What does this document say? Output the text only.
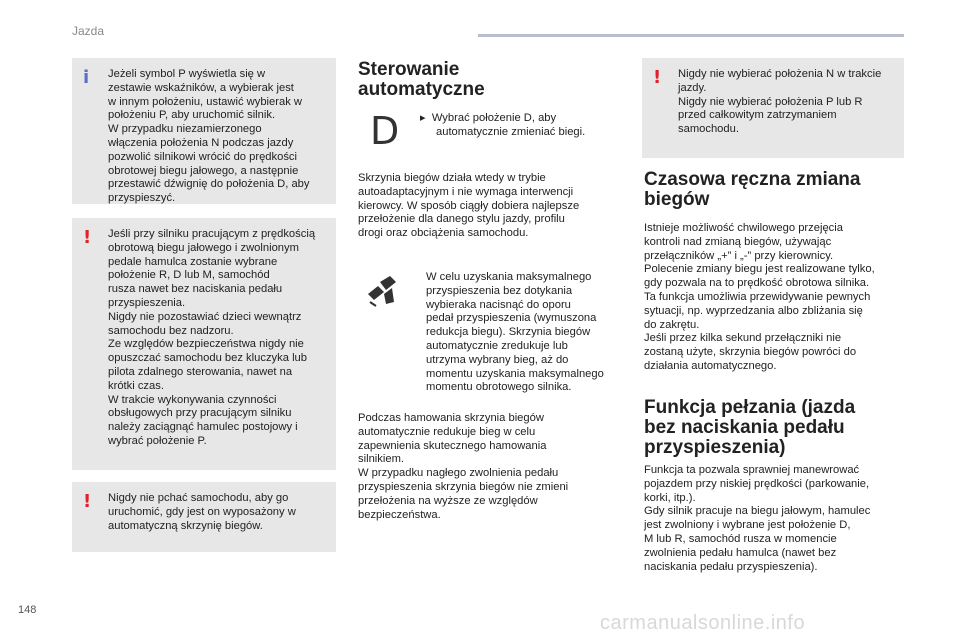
Jazda
i Jeżeli symbol P wyświetla się w

zestawie wskaźników, a wybierak jest

w innym położeniu, ustawić wybierak w

położeniu P, aby uruchomić silnik.

W przypadku niezamierzonego

włączenia położenia N podczas jazdy

pozwolić silnikowi wrócić do prędkości

obrotowej biegu jałowego, a następnie

przestawić dźwignię do położenia D, aby

przyspieszyć.

! Jeśli przy silniku pracującym z prędkością

obrotową biegu jałowego i zwolnionym

pedale hamulca zostanie wybrane

położenie R, D lub M, samochód

rusza nawet bez naciskania pedału

przyspieszenia.

Nigdy nie pozostawiać dzieci wewnątrz

samochodu bez nadzoru.

Ze względów bezpieczeństwa nigdy nie

opuszczać samochodu bez kluczyka lub

pilota zdalnego sterowania, nawet na

krótki czas.

W trakcie wykonywania czynności

obsługowych przy pracującym silniku

należy zaciągnąć hamulec postojowy i

wybrać położenie P.

! Nigdy nie pchać samochodu, aby go

uruchomić, gdy jest on wyposażony w

automatyczną skrzynię biegów.

Sterowanie
automatyczne
D ▸ Wybrać położenie D, aby

automatycznie zmieniać biegi.

Skrzynia biegów działa wtedy w trybie

autoadaptacyjnym i nie wymaga interwencji

kierowcy. W sposób ciągły dobiera najlepsze

przełożenie dla danego stylu jazdy, profilu

drogi oraz obciążenia samochodu.

W celu uzyskania maksymalnego

przyspieszenia bez dotykania

wybieraka nacisnąć do oporu

pedał przyspieszenia (wymuszona

redukcja biegu). Skrzynia biegów

automatycznie zredukuje lub

utrzyma wybrany bieg, aż do

momentu uzyskania maksymalnego

momentu obrotowego silnika.

Podczas hamowania skrzynia biegów

automatycznie redukuje bieg w celu

zapewnienia skutecznego hamowania

silnikiem.

W przypadku nagłego zwolnienia pedału

przyspieszenia skrzynia biegów nie zmieni

przełożenia na wyższe ze względów

bezpieczeństwa.

! Nigdy nie wybierać położenia N w trakcie

jazdy.

Nigdy nie wybierać położenia P lub R

przed całkowitym zatrzymaniem

samochodu.

Czasowa ręczna zmiana
biegów

Istnieje możliwość chwilowego przejęcia

kontroli nad zmianą biegów, używając

przełączników „+” i „-” przy kierownicy.

Polecenie zmiany biegu jest realizowane tylko,

gdy pozwala na to prędkość obrotowa silnika.

Ta funkcja umożliwia przewidywanie pewnych

sytuacji, np. wyprzedzania albo zbliżania się

do zakrętu.

Jeśli przez kilka sekund przełączniki nie

zostaną użyte, skrzynia biegów powróci do

działania automatycznego.

Funkcja pełzania (jazda
bez naciskania pedału
przyspieszenia)

Funkcja ta pozwala sprawniej manewrować

pojazdem przy niskiej prędkości (parkowanie,

korki, itp.).

Gdy silnik pracuje na biegu jałowym, hamulec

jest zwolniony i wybrane jest położenie D,

M lub R, samochód rusza w momencie

zwolnienia pedału hamulca (nawet bez

naciskania pedału przyspieszenia).

148
carmanualsonline.info
